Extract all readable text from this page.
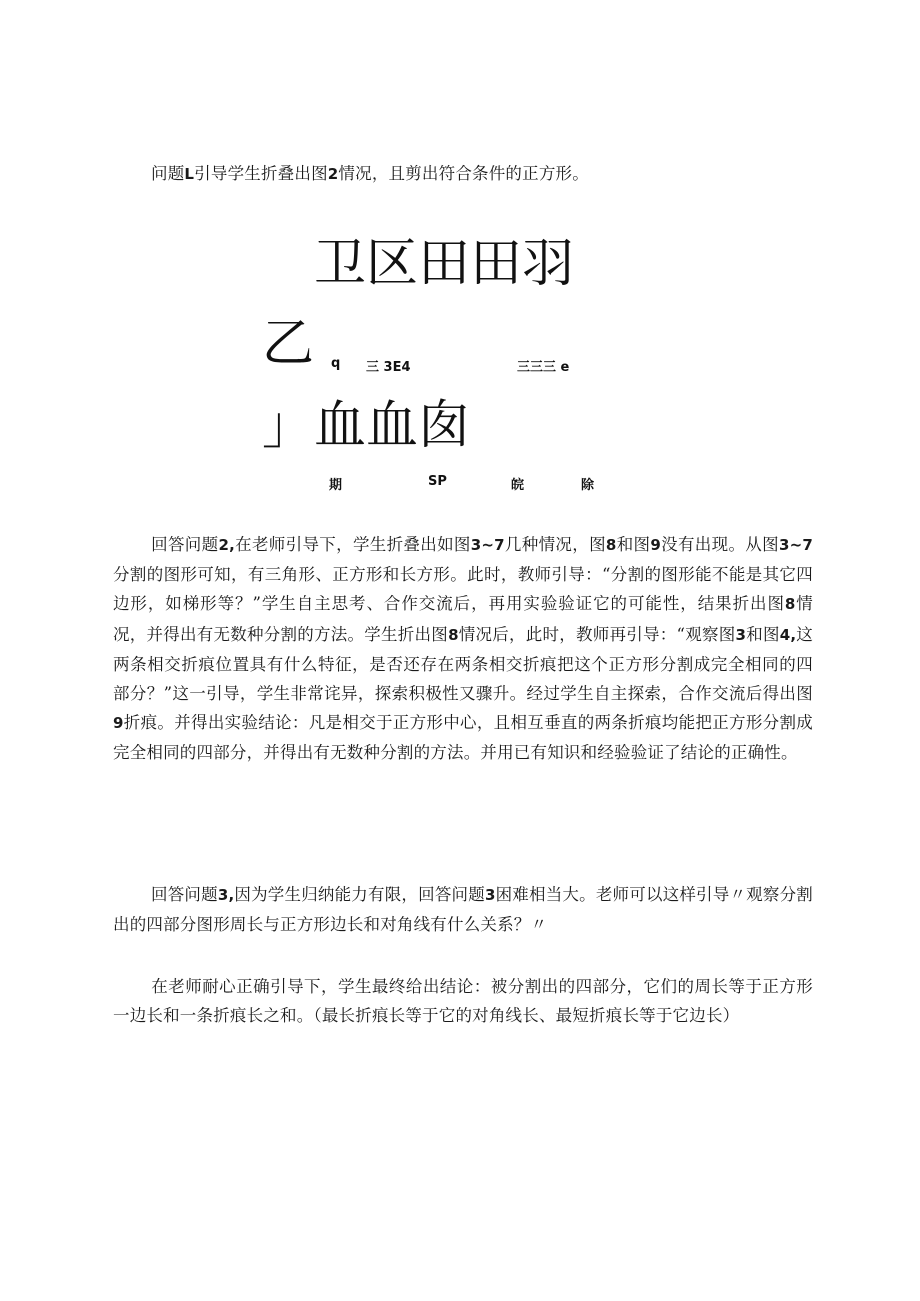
问题L引导学生折叠出图2情况，且剪出符合条件的正方形。

卫区田田羽
乙 q 三 3E4	三三三 e
」血血囱
期	SP	皖	除

回答问题2,在老师引导下，学生折叠出如图3~7几种情况，图8和图9没有出现。从图3~7分割的图形可知，有三角形、正方形和长方形。此时，教师引导：“分割的图形能不能是其它四边形，如梯形等？”学生自主思考、合作交流后，再用实验验证它的可能性，结果折出图8情况，并得出有无数种分割的方法。学生折出图8情况后，此时，教师再引导：“观察图3和图4,这两条相交折痕位置具有什么特征，是否还存在两条相交折痕把这个正方形分割成完全相同的四部分？”这一引导，学生非常诧异，探索积极性又骤升。经过学生自主探索，合作交流后得出图9折痕。并得出实验结论：凡是相交于正方形中心，且相互垂直的两条折痕均能把正方形分割成完全相同的四部分，并得出有无数种分割的方法。并用已有知识和经验验证了结论的正确性。

回答问题3,因为学生归纳能力有限，回答问题3困难相当大。老师可以这样引导〃观察分割出的四部分图形周长与正方形边长和对角线有什么关系？〃

在老师耐心正确引导下，学生最终给出结论：被分割出的四部分，它们的周长等于正方形一边长和一条折痕长之和。（最长折痕长等于它的对角线长、最短折痕长等于它边长）
